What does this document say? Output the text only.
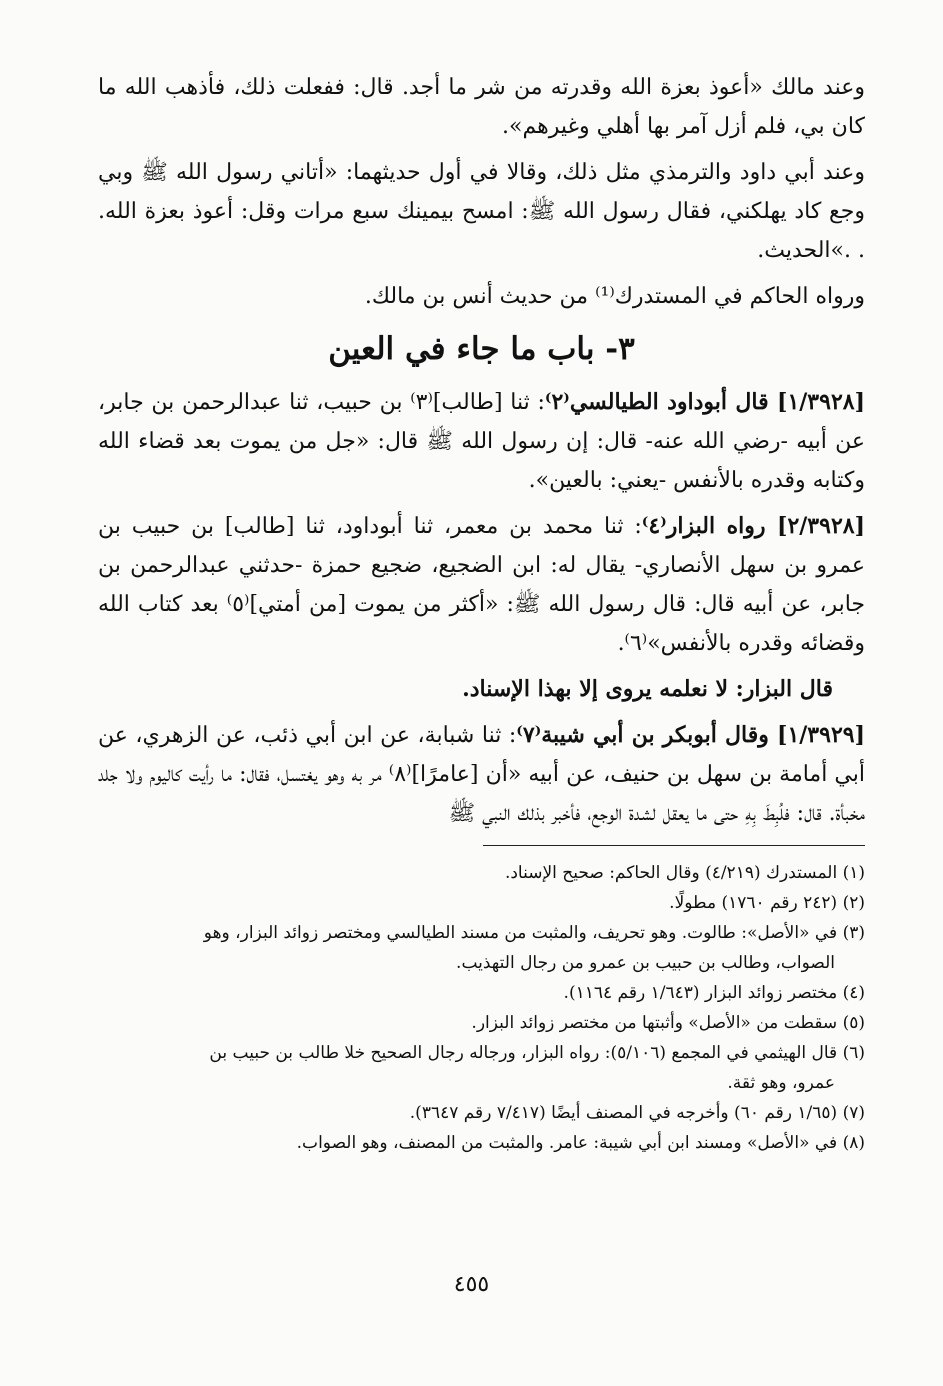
وعند مالك «أعوذ بعزة الله وقدرته من شر ما أجد. قال: ففعلت ذلك، فأذهب الله ما كان بي، فلم أزل آمر بها أهلي وغيرهم».

وعند أبي داود والترمذي مثل ذلك، وقالا في أول حديثهما: «أتاني رسول الله ﷺ وبي وجع كاد يهلكني، فقال رسول الله ﷺ: امسح بيمينك سبع مرات وقل: أعوذ بعزة الله. . .»الحديث.

ورواه الحاكم في المستدرك⁽¹⁾ من حديث أنس بن مالك.

٣- باب ما جاء في العين

[١/٣٩٢٨] قال أبوداود الطيالسي⁽٢⁾: ثنا [طالب]⁽٣⁾ بن حبيب، ثنا عبدالرحمن بن جابر، عن أبيه -رضي الله عنه- قال: إن رسول الله ﷺ قال: «جل من يموت بعد قضاء الله وكتابه وقدره بالأنفس -يعني: بالعين».

[٢/٣٩٢٨] رواه البزار⁽٤⁾: ثنا محمد بن معمر، ثنا أبوداود، ثنا [طالب] بن حبيب بن عمرو بن سهل الأنصاري- يقال له: ابن الضجيع، ضجيع حمزة -حدثني عبدالرحمن بن جابر، عن أبيه قال: قال رسول الله ﷺ: «أكثر من يموت [من أمتي]⁽٥⁾ بعد كتاب الله وقضائه وقدره بالأنفس»⁽٦⁾.

قال البزار: لا نعلمه يروى إلا بهذا الإسناد.

[١/٣٩٢٩] وقال أبوبكر بن أبي شيبة⁽٧⁾: ثنا شبابة، عن ابن أبي ذئب، عن الزهري، عن أبي أمامة بن سهل بن حنيف، عن أبيه «أن [عامرًا]⁽٨⁾ مر به وهو يغتسل، فقال: ما رأيت كاليوم ولا جلد مخبأة. قال: فلُبِطَ بِهِ حتى ما يعقل لشدة الوجع، فأخبر بذلك النبي ﷺ

(١) المستدرك (٤/٢١٩) وقال الحاكم: صحيح الإسناد.

(٢) (٢٤٢ رقم ١٧٦٠) مطولًا.

(٣) في «الأصل»: طالوت. وهو تحريف، والمثبت من مسند الطيالسي ومختصر زوائد البزار، وهو

الصواب، وطالب بن حبيب بن عمرو من رجال التهذيب.

(٤) مختصر زوائد البزار (١/٦٤٣ رقم ١١٦٤).

(٥) سقطت من «الأصل» وأثبتها من مختصر زوائد البزار.

(٦) قال الهيثمي في المجمع (٥/١٠٦): رواه البزار، ورجاله رجال الصحيح خلا طالب بن حبيب بن

عمرو، وهو ثقة.

(٧) (١/٦٥ رقم ٦٠) وأخرجه في المصنف أيضًا (٧/٤١٧ رقم ٣٦٤٧).

(٨) في «الأصل» ومسند ابن أبي شيبة: عامر. والمثبت من المصنف، وهو الصواب.

٤٥٥
